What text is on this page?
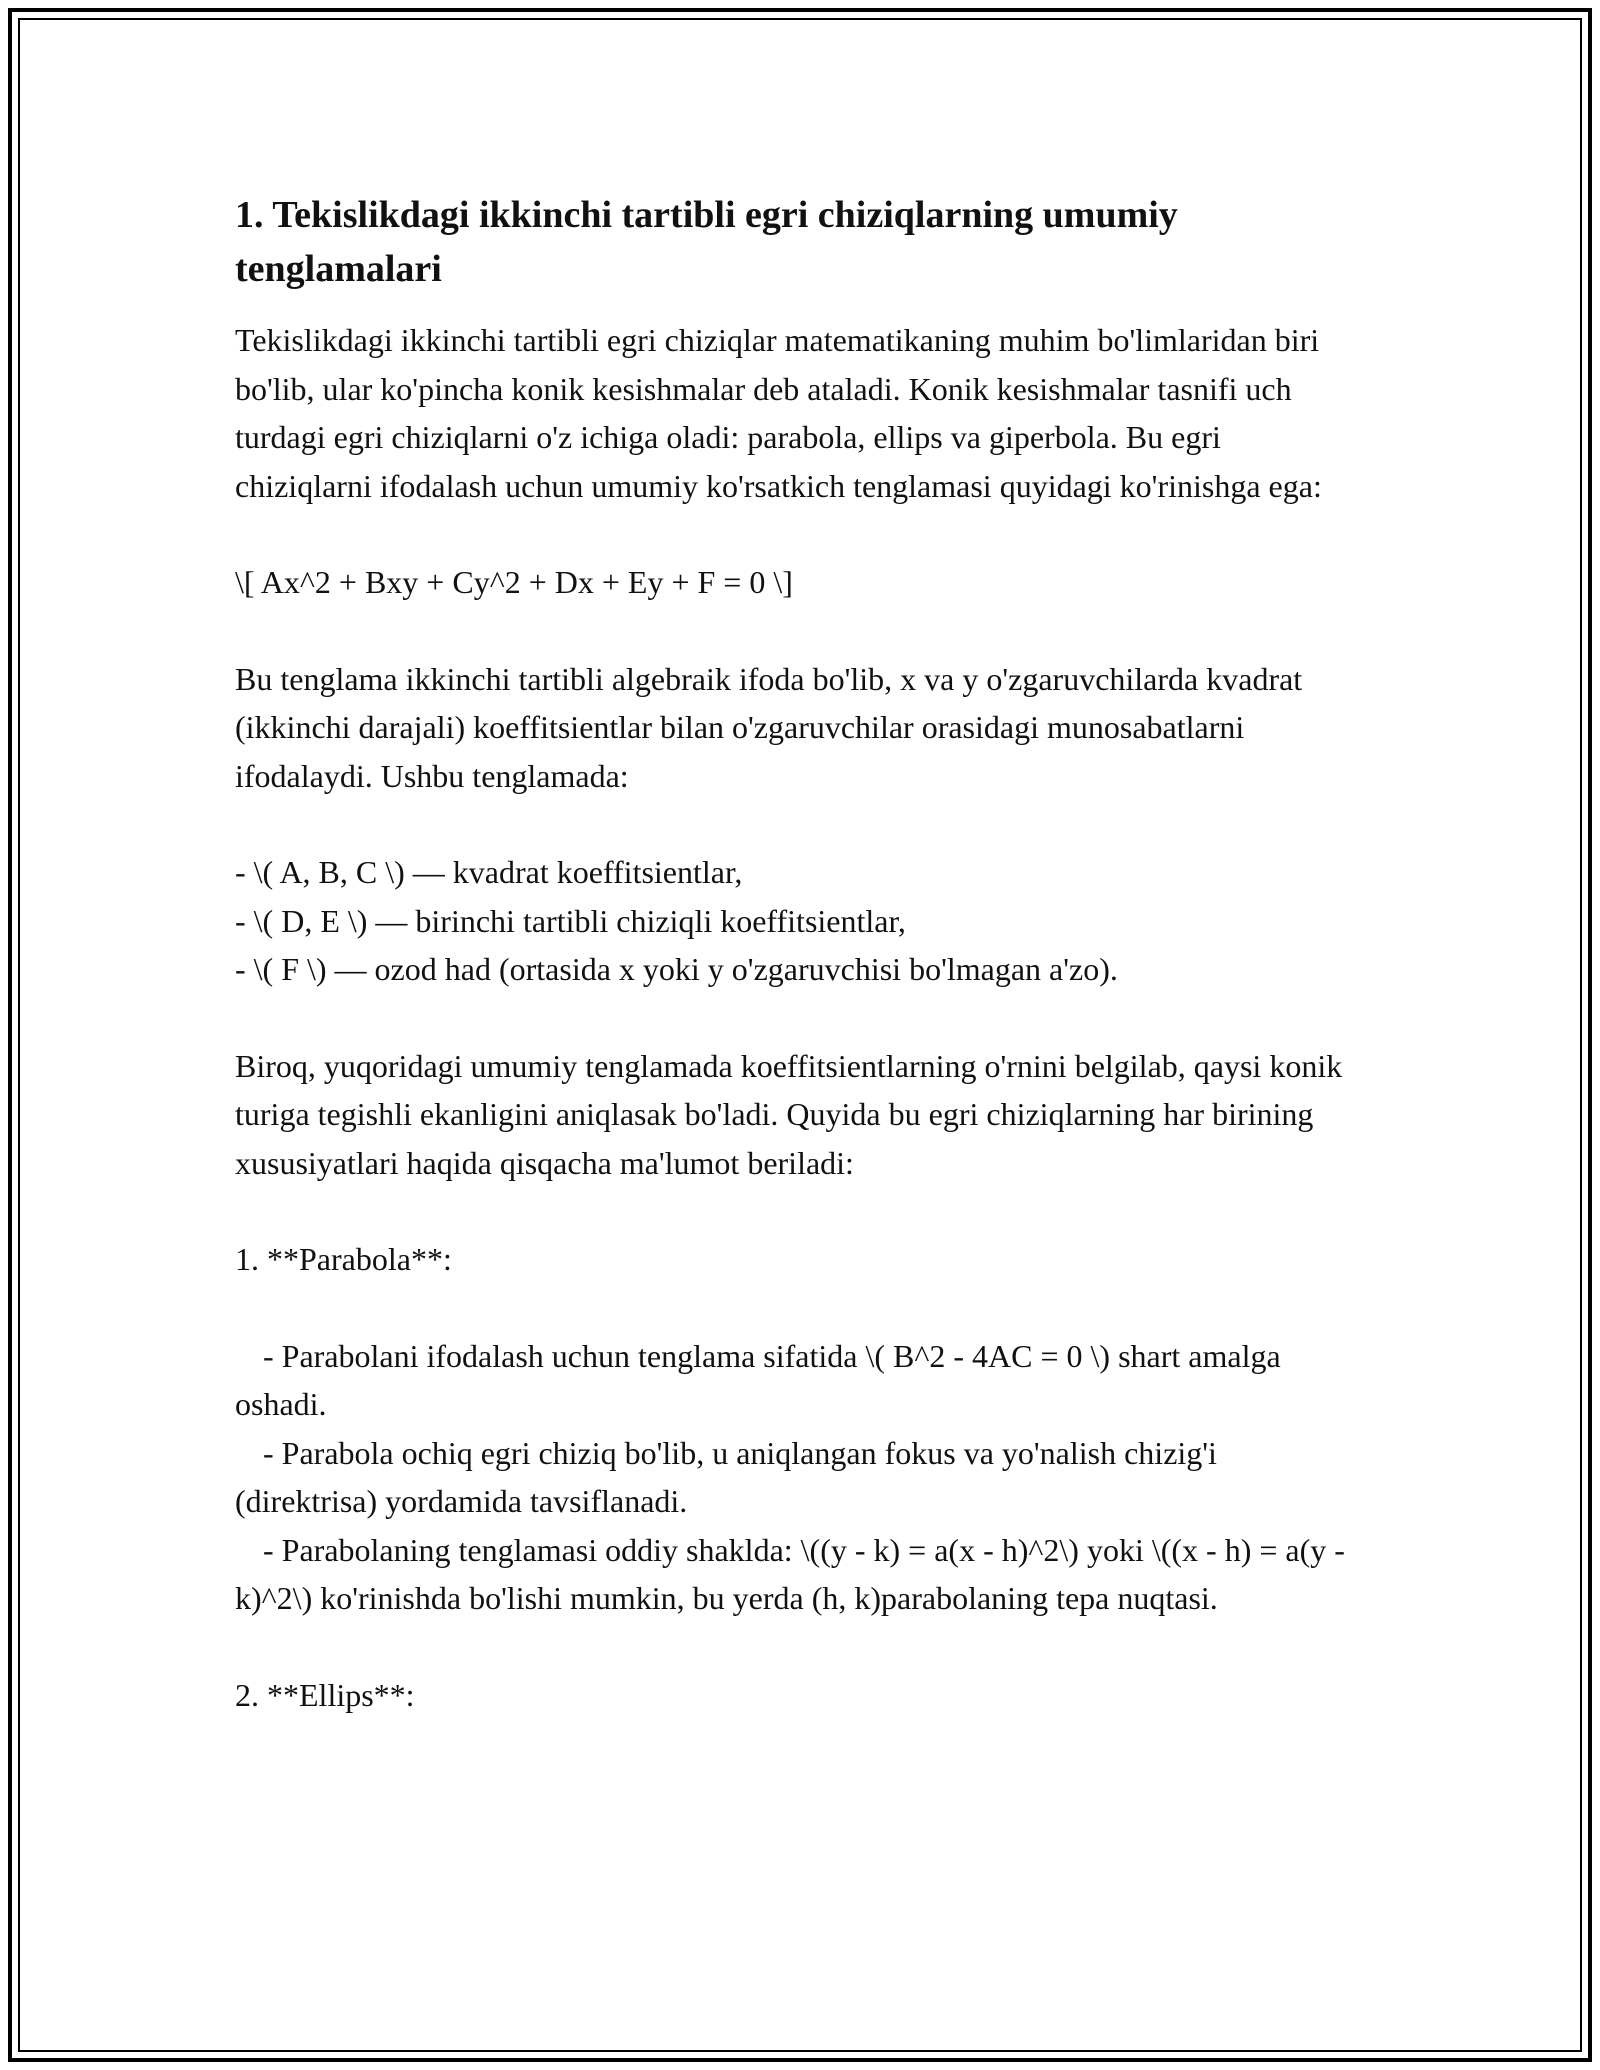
1. Tekislikdagi ikkinchi tartibli egri chiziqlarning umumiy tenglamalari

Tekislikdagi ikkinchi tartibli egri chiziqlar matematikaning muhim bo'limlaridan biri bo'lib, ular ko'pincha konik kesishmalar deb ataladi. Konik kesishmalar tasnifi uch turdagi egri chiziqlarni o'z ichiga oladi: parabola, ellips va giperbola. Bu egri chiziqlarni ifodalash uchun umumiy ko'rsatkich tenglamasi quyidagi ko'rinishga ega:

\[ Ax^2 + Bxy + Cy^2 + Dx + Ey + F = 0 \]

Bu tenglama ikkinchi tartibli algebraik ifoda bo'lib, x va y o'zgaruvchilarda kvadrat (ikkinchi darajali) koeffitsientlar bilan o'zgaruvchilar orasidagi munosabatlarni ifodalaydi. Ushbu tenglamada:

- \( A, B, C \) — kvadrat koeffitsientlar,

- \( D, E \) — birinchi tartibli chiziqli koeffitsientlar,

- \( F \) — ozod had (ortasida x yoki y o'zgaruvchisi bo'lmagan a'zo).

Biroq, yuqoridagi umumiy tenglamada koeffitsientlarning o'rnini belgilab, qaysi konik turiga tegishli ekanligini aniqlasak bo'ladi. Quyida bu egri chiziqlarning har birining xususiyatlari haqida qisqacha ma'lumot beriladi:

1. **Parabola**:

- Parabolani ifodalash uchun tenglama sifatida \( B^2 - 4AC = 0 \) shart amalga oshadi.

- Parabola ochiq egri chiziq bo'lib, u aniqlangan fokus va yo'nalish chizig'i (direktrisa) yordamida tavsiflanadi.

- Parabolaning tenglamasi oddiy shaklda: \((y - k) = a(x - h)^2\) yoki \((x - h) = a(y - k)^2\) ko'rinishda bo'lishi mumkin, bu yerda (h, k)parabolaning tepa nuqtasi.

2. **Ellips**:
